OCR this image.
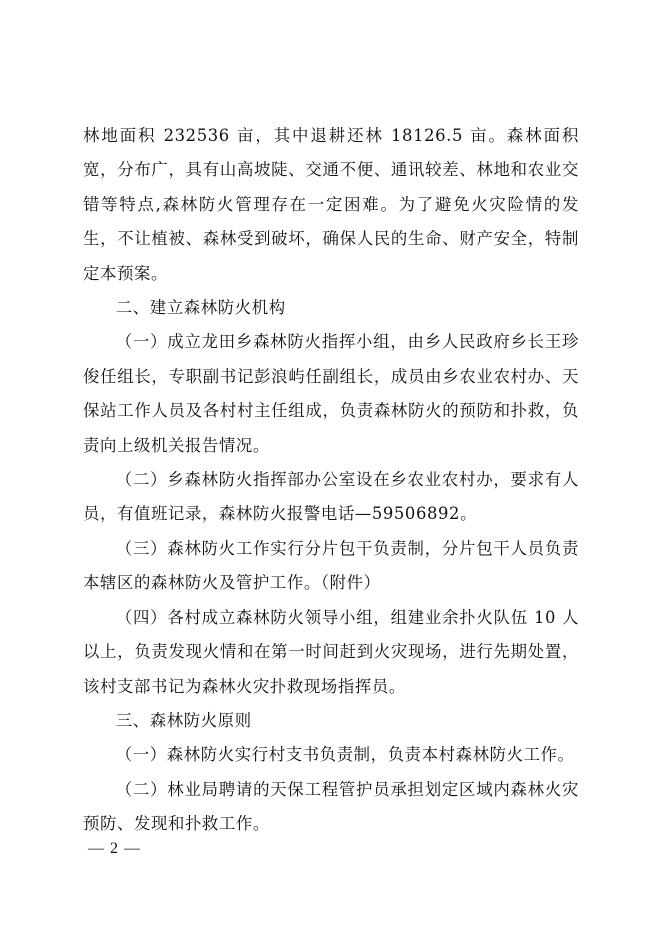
林地面积 232536 亩，其中退耕还林 18126.5 亩。森林面积宽，分布广，具有山高坡陡、交通不便、通讯较差、林地和农业交错等特点,森林防火管理存在一定困难。为了避免火灾险情的发生，不让植被、森林受到破坏，确保人民的生命、财产安全，特制定本预案。

二、建立森林防火机构

（一）成立龙田乡森林防火指挥小组，由乡人民政府乡长王珍俊任组长，专职副书记彭浪屿任副组长，成员由乡农业农村办、天保站工作人员及各村村主任组成，负责森林防火的预防和扑救，负责向上级机关报告情况。

（二）乡森林防火指挥部办公室设在乡农业农村办，要求有人员，有值班记录，森林防火报警电话—59506892。

（三）森林防火工作实行分片包干负责制，分片包干人员负责本辖区的森林防火及管护工作。（附件）

（四）各村成立森林防火领导小组，组建业余扑火队伍 10 人以上，负责发现火情和在第一时间赶到火灾现场，进行先期处置，该村支部书记为森林火灾扑救现场指挥员。

三、森林防火原则

（一）森林防火实行村支书负责制，负责本村森林防火工作。

（二）林业局聘请的天保工程管护员承担划定区域内森林火灾预防、发现和扑救工作。

— 2 —
